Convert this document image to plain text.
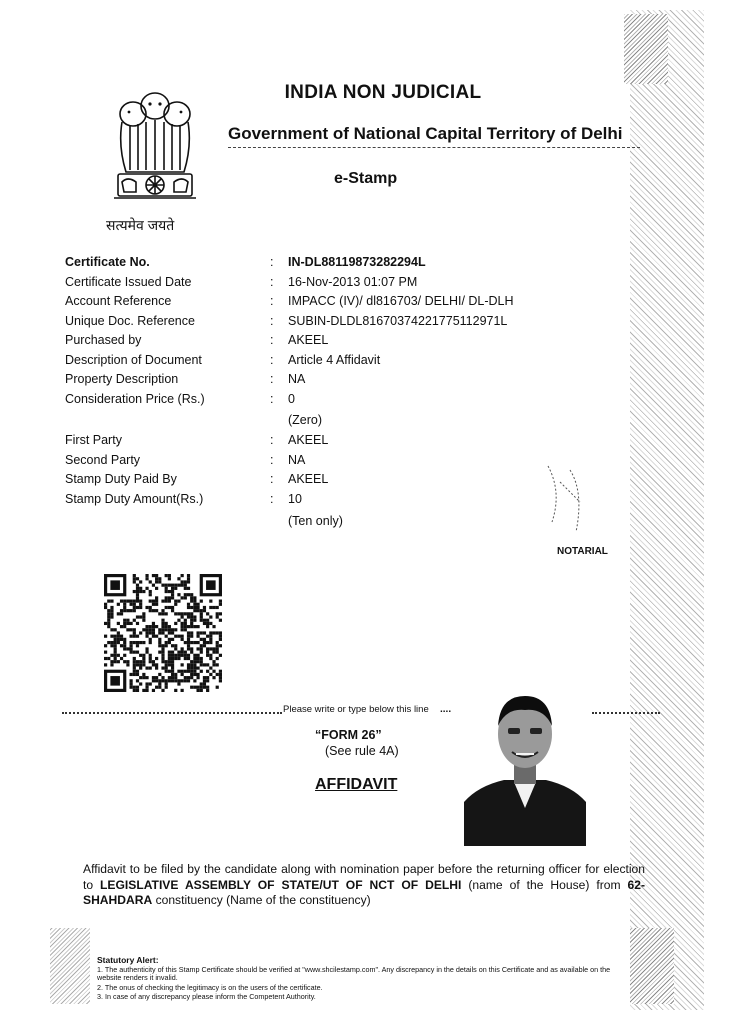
सत्यमेव जयते
INDIA NON JUDICIAL
Government of National Capital Territory of Delhi
e-Stamp
Certificate No.	: IN-DL88119873282294L
Certificate Issued Date	: 16-Nov-2013 01:07 PM
Account Reference	: IMPACC (IV)/ dl816703/ DELHI/ DL-DLH
Unique Doc. Reference	: SUBIN-DLDL81670374221775112971L
Purchased by	: AKEEL
Description of Document	: Article 4 Affidavit
Property Description	: NA
Consideration Price (Rs.)	: 0
(Zero)
First Party	: AKEEL
Second Party	: NA
Stamp Duty Paid By	: AKEEL
Stamp Duty Amount(Rs.)	: 10
(Ten only)
NOTARIAL
Please write or type below this line ....
“FORM 26”
(See rule 4A)
AFFIDAVIT
Affidavit to be filed by the candidate along with nomination paper before the returning officer for election to LEGISLATIVE ASSEMBLY OF STATE/UT OF NCT OF DELHI (name of the House) from 62-SHAHDARA constituency (Name of the constituency)
Statutory Alert:
1. The authenticity of this Stamp Certificate should be verified at "www.shcilestamp.com". Any discrepancy in the details on this Certificate and as available on the website renders it invalid.
2. The onus of checking the legitimacy is on the users of the certificate.
3. In case of any discrepancy please inform the Competent Authority.
